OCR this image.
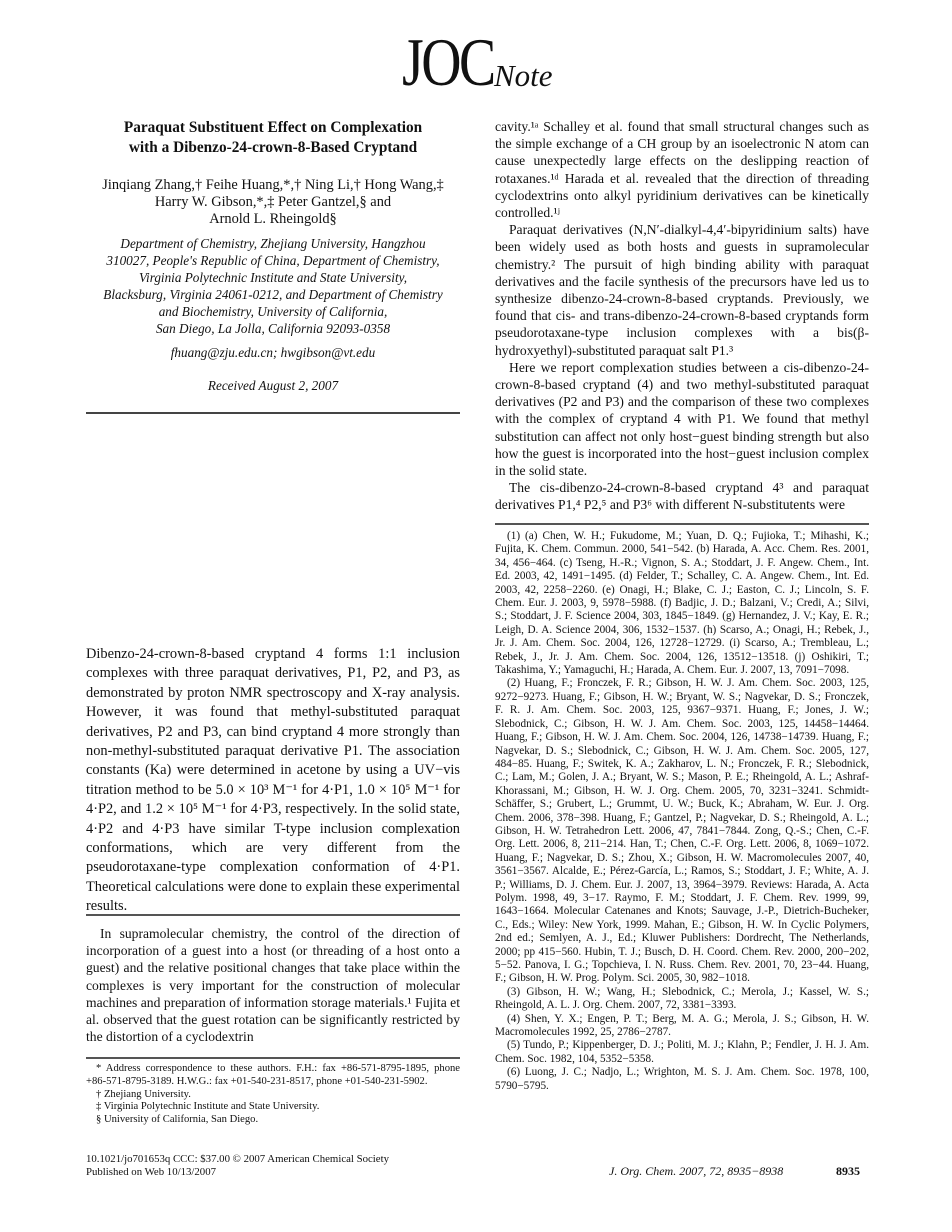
JOC Note
Paraquat Substituent Effect on Complexation
with a Dibenzo-24-crown-8-Based Cryptand
Jinqiang Zhang,† Feihe Huang,*,† Ning Li,† Hong Wang,‡
Harry W. Gibson,*,‡ Peter Gantzel,§ and
Arnold L. Rheingold§
Department of Chemistry, Zhejiang University, Hangzhou
310027, People's Republic of China, Department of Chemistry,
Virginia Polytechnic Institute and State University,
Blacksburg, Virginia 24061-0212, and Department of Chemistry
and Biochemistry, University of California,
San Diego, La Jolla, California 92093-0358
fhuang@zju.edu.cn; hwgibson@vt.edu
Received August 2, 2007
Dibenzo-24-crown-8-based cryptand 4 forms 1:1 inclusion complexes with three paraquat derivatives, P1, P2, and P3, as demonstrated by proton NMR spectroscopy and X-ray analysis. However, it was found that methyl-substituted paraquat derivatives, P2 and P3, can bind cryptand 4 more strongly than non-methyl-substituted paraquat derivative P1. The association constants (Ka) were determined in acetone by using a UV−vis titration method to be 5.0 × 10³ M⁻¹ for 4·P1, 1.0 × 10⁵ M⁻¹ for 4·P2, and 1.2 × 10⁵ M⁻¹ for 4·P3, respectively. In the solid state, 4·P2 and 4·P3 have similar T-type inclusion complexation conformations, which are very different from the pseudorotaxane-type complexation conformation of 4·P1. Theoretical calculations were done to explain these experimental results.
In supramolecular chemistry, the control of the direction of incorporation of a guest into a host (or threading of a host onto a guest) and the relative positional changes that take place within the complexes is very important for the construction of molecular machines and preparation of information storage materials.¹ Fujita et al. observed that the guest rotation can be significantly restricted by the distortion of a cyclodextrin

* Address correspondence to these authors. F.H.: fax +86-571-8795-1895, phone +86-571-8795-3189. H.W.G.: fax +01-540-231-8517, phone +01-540-231-5902.

† Zhejiang University.

‡ Virginia Polytechnic Institute and State University.

§ University of California, San Diego.

10.1021/jo701653q CCC: $37.00 © 2007 American Chemical Society
Published on Web 10/13/2007

cavity.¹ᵃ Schalley et al. found that small structural changes such as the simple exchange of a CH group by an isoelectronic N atom can cause unexpectedly large effects on the deslipping reaction of rotaxanes.¹ᵈ Harada et al. revealed that the direction of threading cyclodextrins onto alkyl pyridinium derivatives can be kinetically controlled.¹ʲ

Paraquat derivatives (N,N′-dialkyl-4,4′-bipyridinium salts) have been widely used as both hosts and guests in supramolecular chemistry.² The pursuit of high binding ability with paraquat derivatives and the facile synthesis of the precursors have led us to synthesize dibenzo-24-crown-8-based cryptands. Previously, we found that cis- and trans-dibenzo-24-crown-8-based cryptands form pseudorotaxane-type inclusion complexes with a bis(β-hydroxyethyl)-substituted paraquat salt P1.³

Here we report complexation studies between a cis-dibenzo-24-crown-8-based cryptand (4) and two methyl-substituted paraquat derivatives (P2 and P3) and the comparison of these two complexes with the complex of cryptand 4 with P1. We found that methyl substitution can affect not only host−guest binding strength but also how the guest is incorporated into the host−guest inclusion complex in the solid state.

The cis-dibenzo-24-crown-8-based cryptand 4³ and paraquat derivatives P1,⁴ P2,⁵ and P3⁶ with different N-substitutents were

(1) (a) Chen, W. H.; Fukudome, M.; Yuan, D. Q.; Fujioka, T.; Mihashi, K.; Fujita, K. Chem. Commun. 2000, 541−542. (b) Harada, A. Acc. Chem. Res. 2001, 34, 456−464. (c) Tseng, H.-R.; Vignon, S. A.; Stoddart, J. F. Angew. Chem., Int. Ed. 2003, 42, 1491−1495. (d) Felder, T.; Schalley, C. A. Angew. Chem., Int. Ed. 2003, 42, 2258−2260. (e) Onagi, H.; Blake, C. J.; Easton, C. J.; Lincoln, S. F. Chem. Eur. J. 2003, 9, 5978−5988. (f) Badjic, J. D.; Balzani, V.; Credi, A.; Silvi, S.; Stoddart, J. F. Science 2004, 303, 1845−1849. (g) Hernandez, J. V.; Kay, E. R.; Leigh, D. A. Science 2004, 306, 1532−1537. (h) Scarso, A.; Onagi, H.; Rebek, J., Jr. J. Am. Chem. Soc. 2004, 126, 12728−12729. (i) Scarso, A.; Trembleau, L.; Rebek, J., Jr. J. Am. Chem. Soc. 2004, 126, 13512−13518. (j) Oshikiri, T.; Takashima, Y.; Yamaguchi, H.; Harada, A. Chem. Eur. J. 2007, 13, 7091−7098.

(2) Huang, F.; Fronczek, F. R.; Gibson, H. W. J. Am. Chem. Soc. 2003, 125, 9272−9273. Huang, F.; Gibson, H. W.; Bryant, W. S.; Nagvekar, D. S.; Fronczek, F. R. J. Am. Chem. Soc. 2003, 125, 9367−9371. Huang, F.; Jones, J. W.; Slebodnick, C.; Gibson, H. W. J. Am. Chem. Soc. 2003, 125, 14458−14464. Huang, F.; Gibson, H. W. J. Am. Chem. Soc. 2004, 126, 14738−14739. Huang, F.; Nagvekar, D. S.; Slebodnick, C.; Gibson, H. W. J. Am. Chem. Soc. 2005, 127, 484−85. Huang, F.; Switek, K. A.; Zakharov, L. N.; Fronczek, F. R.; Slebodnick, C.; Lam, M.; Golen, J. A.; Bryant, W. S.; Mason, P. E.; Rheingold, A. L.; Ashraf-Khorassani, M.; Gibson, H. W. J. Org. Chem. 2005, 70, 3231−3241. Schmidt-Schäffer, S.; Grubert, L.; Grummt, U. W.; Buck, K.; Abraham, W. Eur. J. Org. Chem. 2006, 378−398. Huang, F.; Gantzel, P.; Nagvekar, D. S.; Rheingold, A. L.; Gibson, H. W. Tetrahedron Lett. 2006, 47, 7841−7844. Zong, Q.-S.; Chen, C.-F. Org. Lett. 2006, 8, 211−214. Han, T.; Chen, C.-F. Org. Lett. 2006, 8, 1069−1072. Huang, F.; Nagvekar, D. S.; Zhou, X.; Gibson, H. W. Macromolecules 2007, 40, 3561−3567. Alcalde, E.; Pérez-García, L.; Ramos, S.; Stoddart, J. F.; White, A. J. P.; Williams, D. J. Chem. Eur. J. 2007, 13, 3964−3979. Reviews: Harada, A. Acta Polym. 1998, 49, 3−17. Raymo, F. M.; Stoddart, J. F. Chem. Rev. 1999, 99, 1643−1664. Molecular Catenanes and Knots; Sauvage, J.-P., Dietrich-Bucheker, C., Eds.; Wiley: New York, 1999. Mahan, E.; Gibson, H. W. In Cyclic Polymers, 2nd ed.; Semlyen, A. J., Ed.; Kluwer Publishers: Dordrecht, The Netherlands, 2000; pp 415−560. Hubin, T. J.; Busch, D. H. Coord. Chem. Rev. 2000, 200−202, 5−52. Panova, I. G.; Topchieva, I. N. Russ. Chem. Rev. 2001, 70, 23−44. Huang, F.; Gibson, H. W. Prog. Polym. Sci. 2005, 30, 982−1018.

(3) Gibson, H. W.; Wang, H.; Slebodnick, C.; Merola, J.; Kassel, W. S.; Rheingold, A. L. J. Org. Chem. 2007, 72, 3381−3393.

(4) Shen, Y. X.; Engen, P. T.; Berg, M. A. G.; Merola, J. S.; Gibson, H. W. Macromolecules 1992, 25, 2786−2787.

(5) Tundo, P.; Kippenberger, D. J.; Politi, M. J.; Klahn, P.; Fendler, J. H. J. Am. Chem. Soc. 1982, 104, 5352−5358.

(6) Luong, J. C.; Nadjo, L.; Wrighton, M. S. J. Am. Chem. Soc. 1978, 100, 5790−5795.

J. Org. Chem. 2007, 72, 8935−8938	8935
